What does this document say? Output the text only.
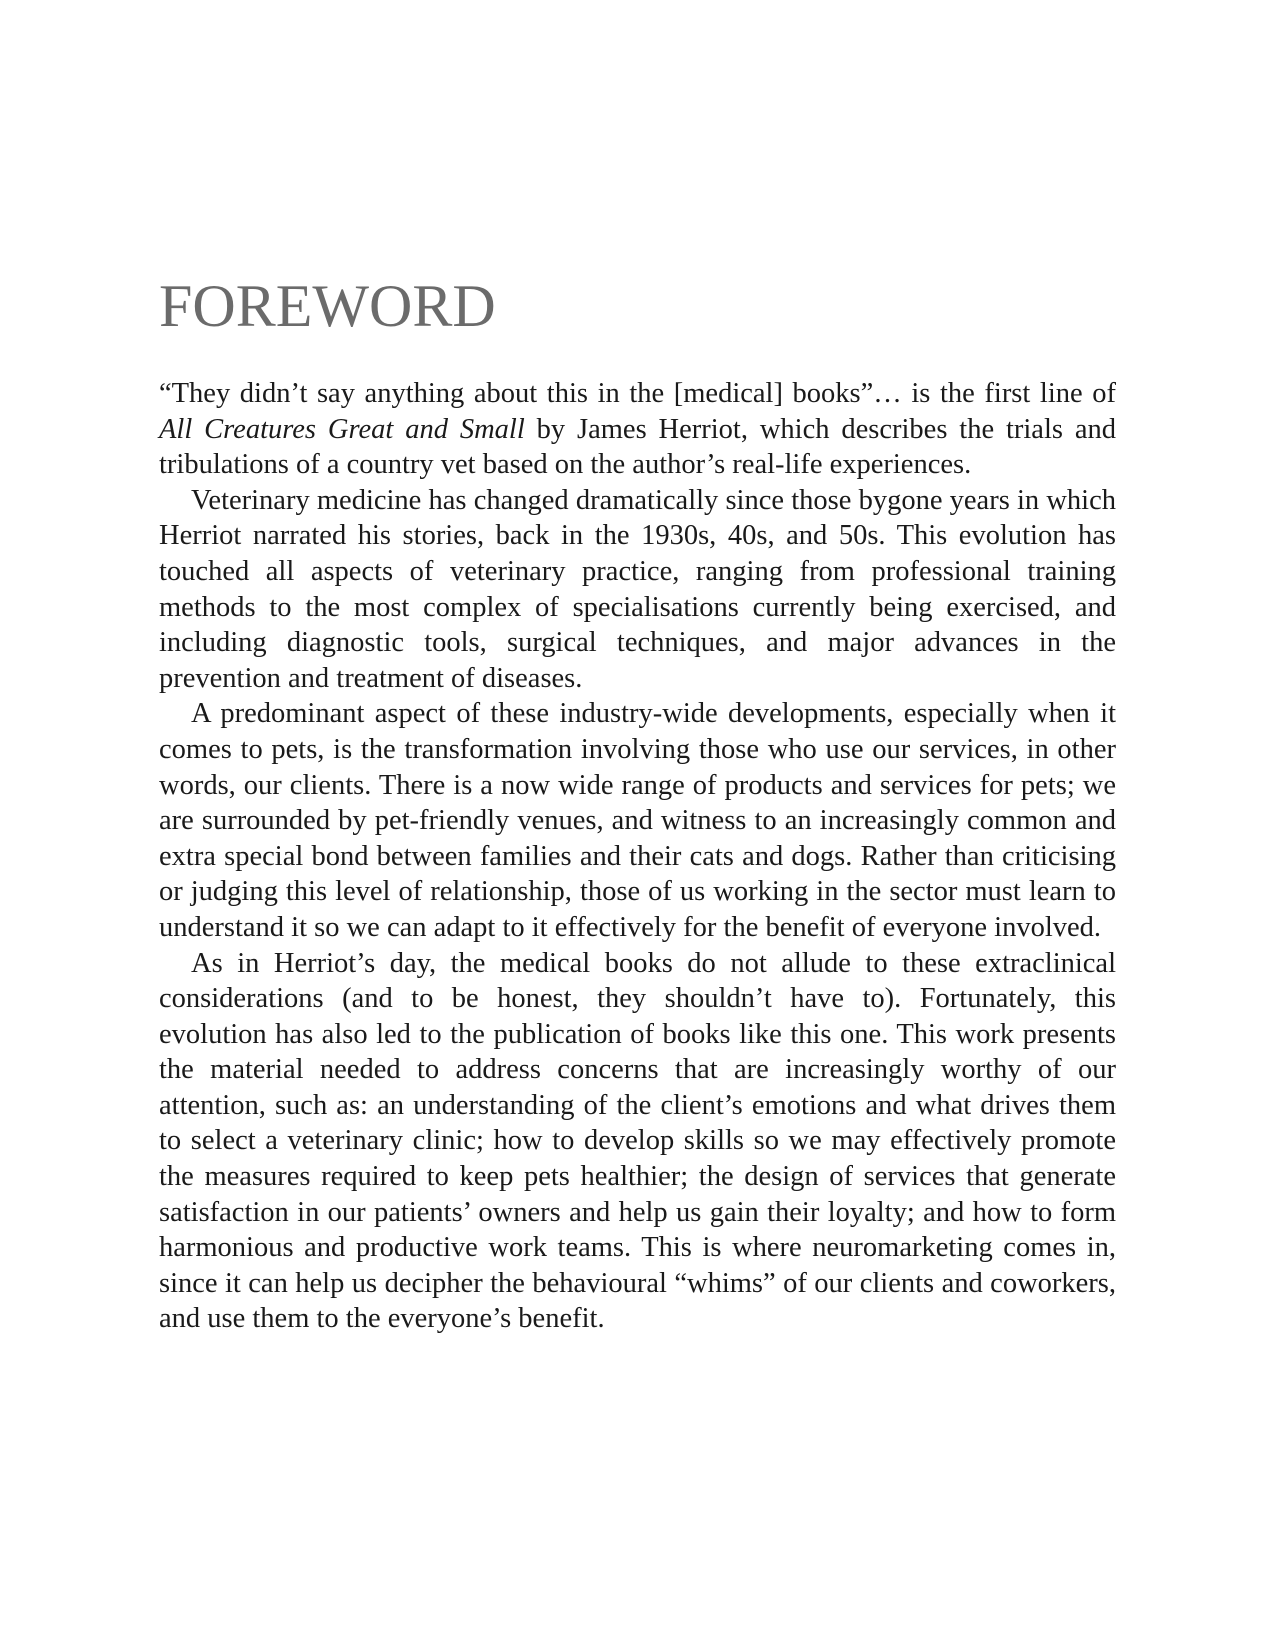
FOREWORD

“They didn’t say anything about this in the [medical] books”… is the first line of All Creatures Great and Small by James Herriot, which describes the trials and tribulations of a country vet based on the author’s real-life experiences.

Veterinary medicine has changed dramatically since those bygone years in which Herriot narrated his stories, back in the 1930s, 40s, and 50s. This evolution has touched all aspects of veterinary practice, ranging from professional training methods to the most complex of specialisations currently being exercised, and including diagnostic tools, surgical techniques, and major advances in the prevention and treatment of diseases.

A predominant aspect of these industry-wide developments, especially when it comes to pets, is the transformation involving those who use our services, in other words, our clients. There is a now wide range of products and services for pets; we are surrounded by pet-friendly venues, and witness to an increasingly common and extra special bond between families and their cats and dogs. Rather than criticising or judging this level of relationship, those of us working in the sector must learn to understand it so we can adapt to it effectively for the benefit of everyone involved.

As in Herriot’s day, the medical books do not allude to these extraclinical considerations (and to be honest, they shouldn’t have to). Fortunately, this evolution has also led to the publication of books like this one. This work presents the material needed to address concerns that are increasingly worthy of our attention, such as: an understanding of the client’s emotions and what drives them to select a veterinary clinic; how to develop skills so we may effectively promote the measures required to keep pets healthier; the design of services that generate satisfaction in our patients’ owners and help us gain their loyalty; and how to form harmonious and productive work teams. This is where neuromarketing comes in, since it can help us decipher the behavioural “whims” of our clients and coworkers, and use them to the everyone’s benefit.
